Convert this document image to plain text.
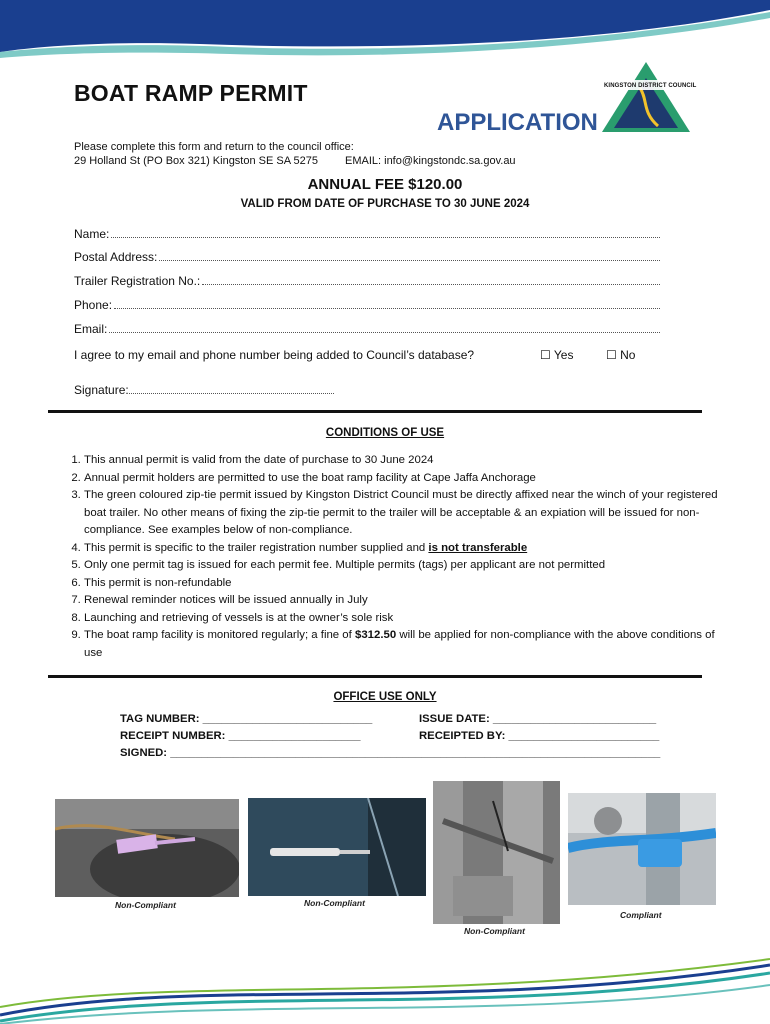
BOAT RAMP PERMIT
APPLICATION
KINGSTON DISTRICT COUNCIL
Please complete this form and return to the council office:
29 Holland St (PO Box 321) Kingston SE SA 5275 EMAIL: info@kingstondc.sa.gov.au
ANNUAL FEE $120.00
VALID FROM DATE OF PURCHASE TO 30 JUNE 2024
Name:
Postal Address:
Trailer Registration No.:
Phone:
Email:
I agree to my email and phone number being added to Council’s database?	☐ Yes	☐ No
Signature:
CONDITIONS OF USE
1. This annual permit is valid from the date of purchase to 30 June 2024
2. Annual permit holders are permitted to use the boat ramp facility at Cape Jaffa Anchorage
3. The green coloured zip-tie permit issued by Kingston District Council must be directly affixed near the winch of your registered boat trailer. No other means of fixing the zip-tie permit to the trailer will be acceptable & an expiation will be issued for non-compliance. See examples below of non-compliance.
4. This permit is specific to the trailer registration number supplied and is not transferable
5. Only one permit tag is issued for each permit fee. Multiple permits (tags) per applicant are not permitted
6. This permit is non-refundable
7. Renewal reminder notices will be issued annually in July
8. Launching and retrieving of vessels is at the owner’s sole risk
9. The boat ramp facility is monitored regularly; a fine of $312.50 will be applied for non-compliance with the above conditions of use
OFFICE USE ONLY
TAG NUMBER: ___________________________	ISSUE DATE: __________________________
RECEIPT NUMBER: _____________________	RECEIPTED BY: ________________________
SIGNED: ______________________________________________________________________________
Non-Compliant	Non-Compliant
Non-Compliant
Compliant
